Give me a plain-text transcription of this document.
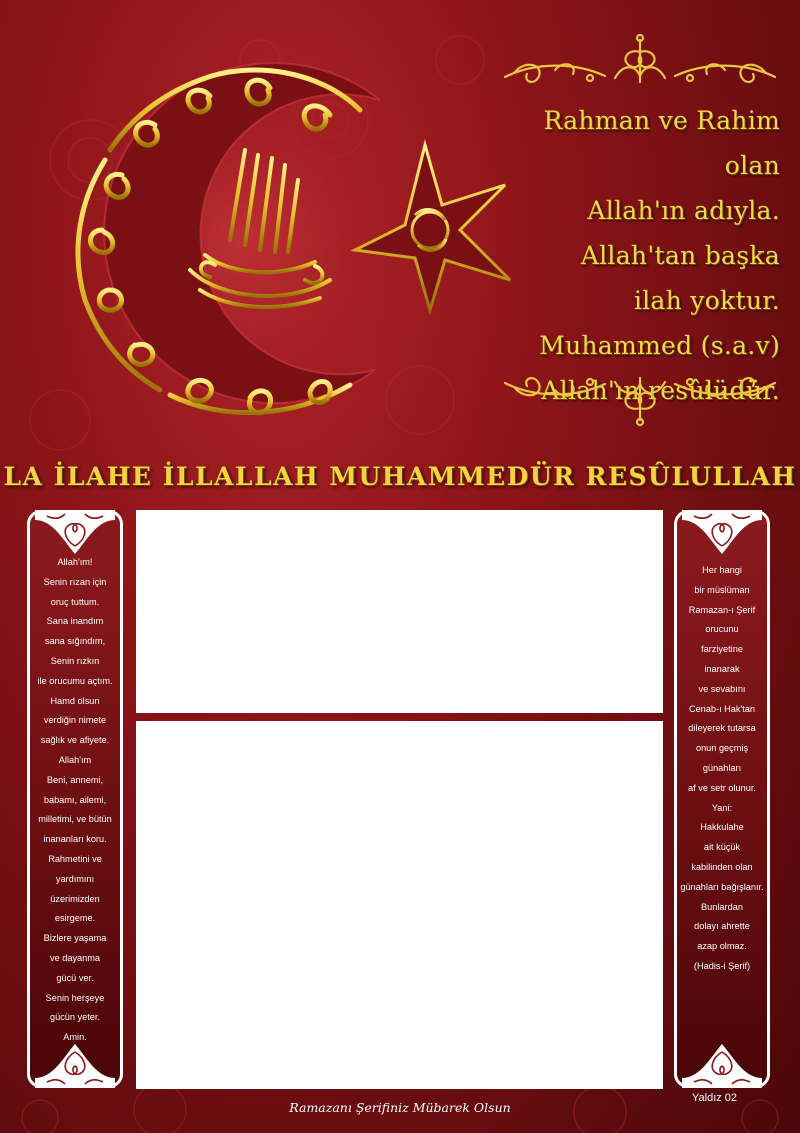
Rahman ve Rahim olan
Allah'ın adıyla.
Allah'tan başka
ilah yoktur.
Muhammed (s.a.v)
Allah'ın resûlüdür.
LA İLAHE İLLALLAH MUHAMMEDÜR RESÛLULLAH
Allah'ım!
Senin rızan için
oruç tuttum.
Sana inandım
sana sığındım,
Senin rızkın
ile orucumu açtım.
Hamd olsun
verdiğin nimete
sağlık ve afiyete.
Allah'ım
Beni, annemi,
babamı, ailemi,
milletimi, ve bütün
inananları koru.
Rahmetini ve
yardımını
üzerimizden
esirgeme.
Bizlere yaşama
ve dayanma
gücü ver.
Senin herşeye
gücün yeter.
Amin.
Her hangi
bir müslüman
Ramazan-ı Şerif
orucunu
farziyetine
inanarak
ve sevabını
Cenab-ı Hak'tan
dileyerek tutarsa
onun geçmiş
günahları
af ve setr olunur.
Yani:
Hakkulahe
ait küçük
kabilinden olan
günahları bağışlanır.
Bunlardan
dolayı ahrette
azap olmaz.
(Hadis-i Şerif)
Ramazanı Şerifiniz Mübarek Olsun
Yaldız 02
